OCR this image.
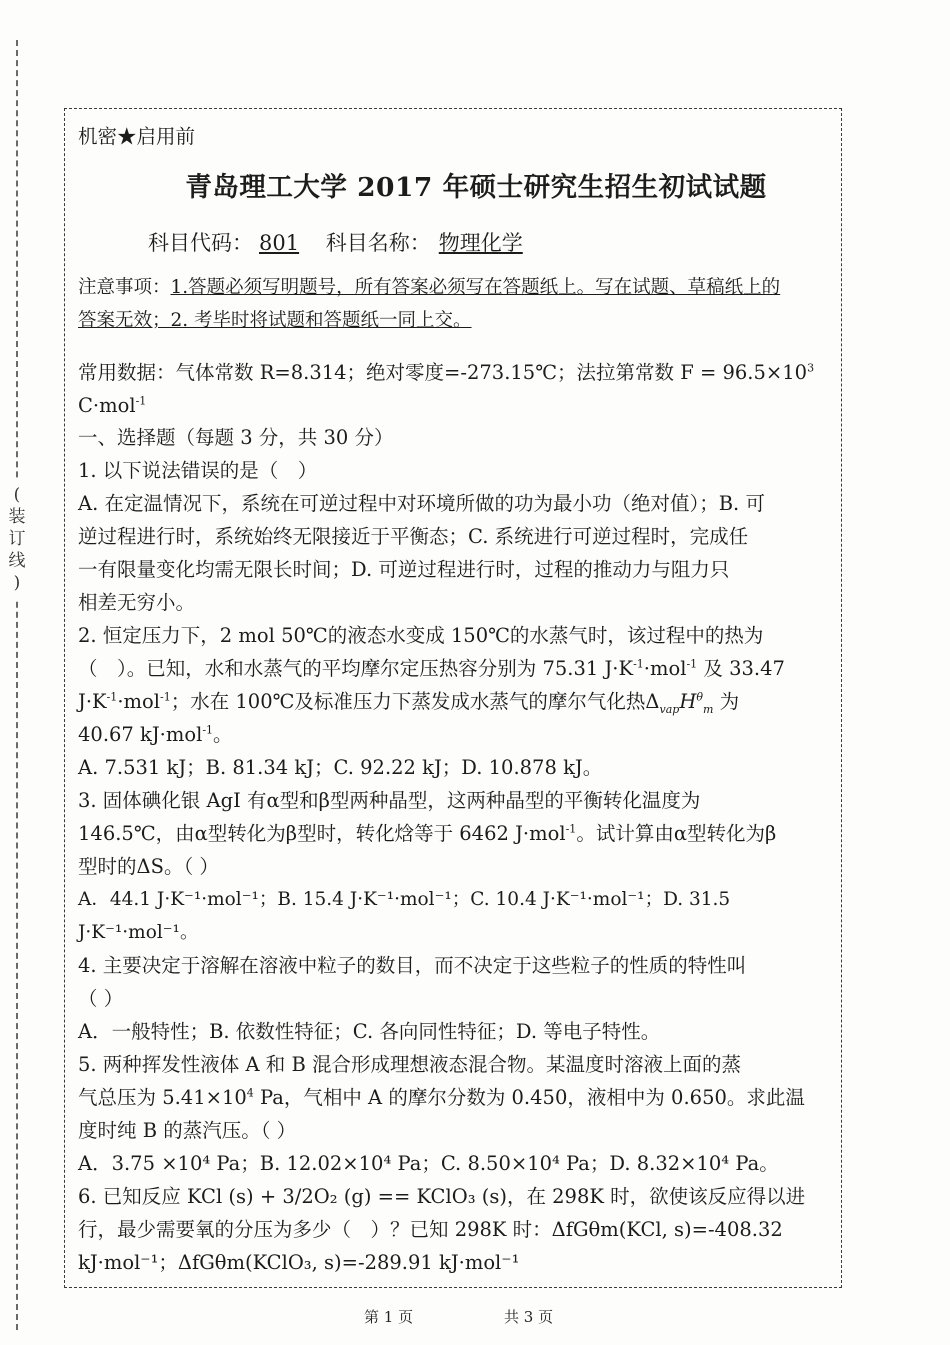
(
装
订
线
)
机密★启用前
青岛理工大学 2017 年硕士研究生招生初试试题
科目代码： 801 科目名称： 物理化学
注意事项：1.答题必须写明题号，所有答案必须写在答题纸上。写在试题、草稿纸上的
答案无效；2. 考毕时将试题和答题纸一同上交。
常用数据：气体常数 R=8.314；绝对零度=-273.15℃；法拉第常数 $F = 96.5\times 10^3$
C·mol$^{-1}$
一、选择题（每题 3 分，共 30 分）
1. 以下说法错误的是（　）
A. 在定温情况下，系统在可逆过程中对环境所做的功为最小功（绝对值）；B. 可
逆过程进行时，系统始终无限接近于平衡态；C. 系统进行可逆过程时，完成任
一有限量变化均需无限长时间；D. 可逆过程进行时，过程的推动力与阻力只
相差无穷小。
2. 恒定压力下，2 mol 50℃的液态水变成 150℃的水蒸气时，该过程中的热为
（　）。已知，水和水蒸气的平均摩尔定压热容分别为 75.31 $J\cdot K^{-1}\cdot mol^{-1}$ 及 33.47
$J\cdot K^{-1}\cdot mol^{-1}$；水在 100℃及标准压力下蒸发成水蒸气的摩尔气化热$\Delta_{vap}H^\theta_m$ 为
40.67 kJ·mol$^{-1}$。
A. 7.531 kJ；B. 81.34 kJ；C. 92.22 kJ；D. 10.878 kJ。
3. 固体碘化银 AgI 有α型和β型两种晶型，这两种晶型的平衡转化温度为
146.5℃，由α型转化为β型时，转化焓等于 6462 J·mol$^{-1}$。试计算由α型转化为β
型时的ΔS。（ ）
A．44.1 J·K⁻¹·mol⁻¹；B. 15.4 J·K⁻¹·mol⁻¹；C. 10.4 J·K⁻¹·mol⁻¹；D. 31.5 J·K⁻¹·mol⁻¹。
4. 主要决定于溶解在溶液中粒子的数目，而不决定于这些粒子的性质的特性叫
（ ）
A．一般特性；B. 依数性特征；C. 各向同性特征；D. 等电子特性。
5. 两种挥发性液体 A 和 B 混合形成理想液态混合物。某温度时溶液上面的蒸
气总压为 $5.41\times 10^4$ Pa，气相中 A 的摩尔分数为 0.450，液相中为 0.650。求此温
度时纯 B 的蒸汽压。（ ）
A．3.75 ×10⁴ Pa；B. 12.02×10⁴ Pa；C. 8.50×10⁴ Pa；D. 8.32×10⁴ Pa。
6. 已知反应 KCl (s) + 3/2O₂ (g) == KClO₃ (s)，在 298K 时，欲使该反应得以进
行，最少需要氧的分压为多少（　）？已知 298K 时：ΔfGθm(KCl, s)=-408.32
kJ·mol⁻¹；ΔfGθm(KClO₃, s)=-289.91 kJ·mol⁻¹
第 1 页	共 3 页
